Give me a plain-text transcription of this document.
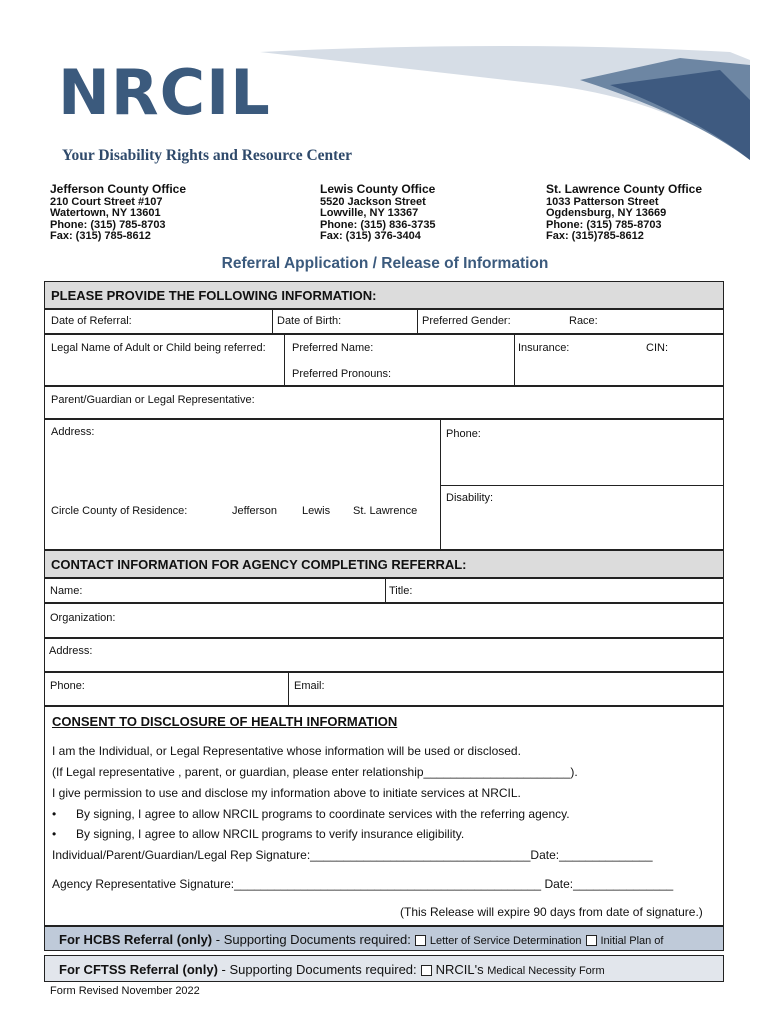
NRCIL
Your Disability Rights and Resource Center
Jefferson County Office
210 Court Street #107
Watertown, NY 13601
Phone: (315) 785-8703
Fax: (315) 785-8612
Lewis County Office
5520 Jackson Street
Lowville, NY 13367
Phone: (315) 836-3735
Fax: (315) 376-3404
St. Lawrence County Office
1033 Patterson Street
Ogdensburg, NY 13669
Phone: (315) 785-8703
Fax: (315)785-8612
Referral Application / Release of Information
PLEASE PROVIDE THE FOLLOWING INFORMATION:
Date of Referral:	Date of Birth:	Preferred Gender:	Race:
Legal Name of Adult or Child being referred: Preferred Name:
Preferred Pronouns:
Insurance:	CIN:
Parent/Guardian or Legal Representative:
Address:
Circle County of Residence:	Jefferson Lewis St. Lawrence
Phone:
Disability:
CONTACT INFORMATION FOR AGENCY COMPLETING REFERRAL:
Name:	Title:
Organization:
Address:
Phone:	Email:
CONSENT TO DISCLOSURE OF HEALTH INFORMATION
I am the Individual, or Legal Representative whose information will be used or disclosed.
(If Legal representative , parent, or guardian, please enter relationship______________________).
I give permission to use and disclose my information above to initiate services at NRCIL.
• By signing, I agree to allow NRCIL programs to coordinate services with the referring agency.
• By signing, I agree to allow NRCIL programs to verify insurance eligibility.
Individual/Parent/Guardian/Legal Rep Signature:_________________________________Date:______________
Agency Representative Signature:______________________________________________ Date:_______________
(This Release will expire 90 days from date of signature.)
For HCBS Referral (only) - Supporting Documents required: Letter of Service Determination Initial Plan of
For CFTSS Referral (only) - Supporting Documents required: NRCIL's Medical Necessity Form
Form Revised November 2022
